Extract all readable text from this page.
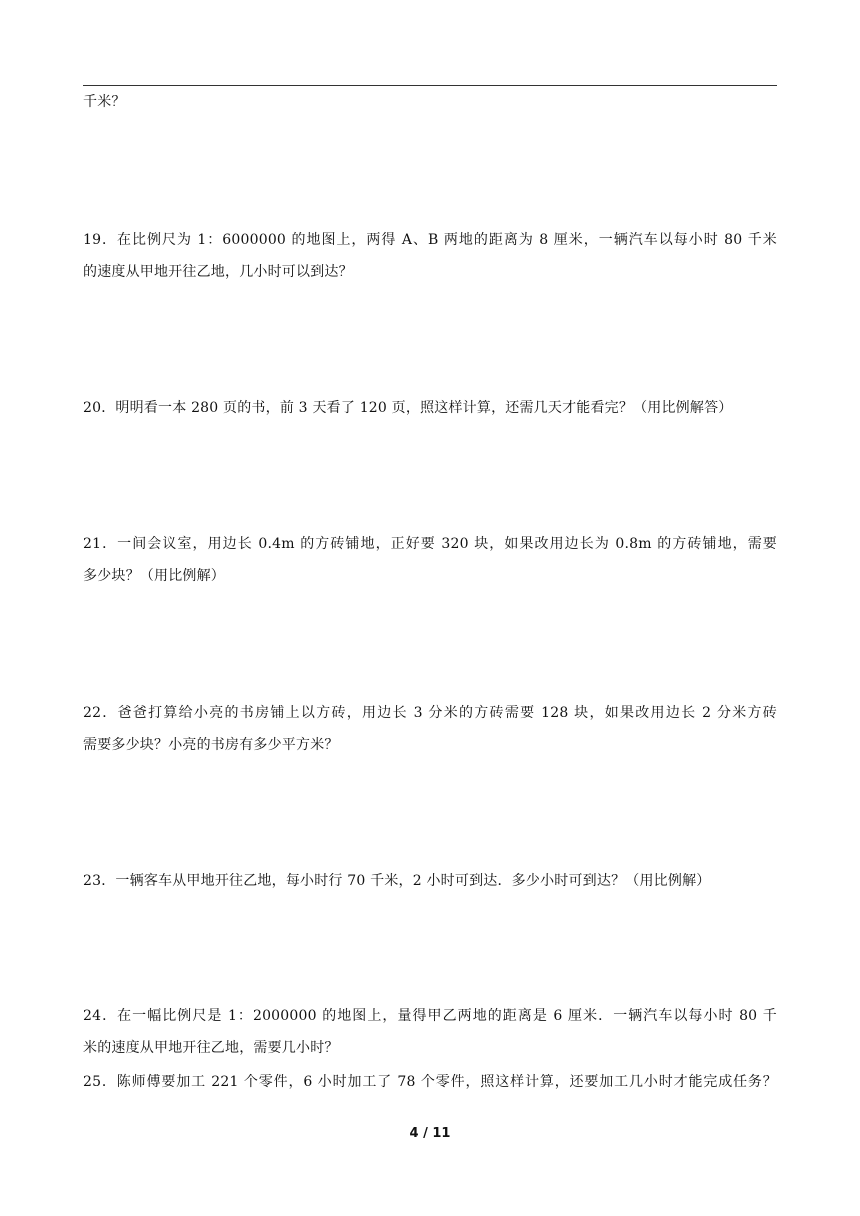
千米？
19．在比例尺为 1：6000000 的地图上，两得 A、B 两地的距离为 8 厘米，一辆汽车以每小时 80 千米
的速度从甲地开往乙地，几小时可以到达？
20．明明看一本 280 页的书，前 3 天看了 120 页，照这样计算，还需几天才能看完？（用比例解答）
21．一间会议室，用边长 0.4m 的方砖铺地，正好要 320 块，如果改用边长为 0.8m 的方砖铺地，需要
多少块？（用比例解）
22．爸爸打算给小亮的书房铺上以方砖，用边长 3 分米的方砖需要 128 块，如果改用边长 2 分米方砖
需要多少块？小亮的书房有多少平方米？
23．一辆客车从甲地开往乙地，每小时行 70 千米，2 小时可到达．多少小时可到达？（用比例解）
24．在一幅比例尺是 1：2000000 的地图上，量得甲乙两地的距离是 6 厘米．一辆汽车以每小时 80 千
米的速度从甲地开往乙地，需要几小时？
25．陈师傅要加工 221 个零件，6 小时加工了 78 个零件，照这样计算，还要加工几小时才能完成任务？
4 / 11
